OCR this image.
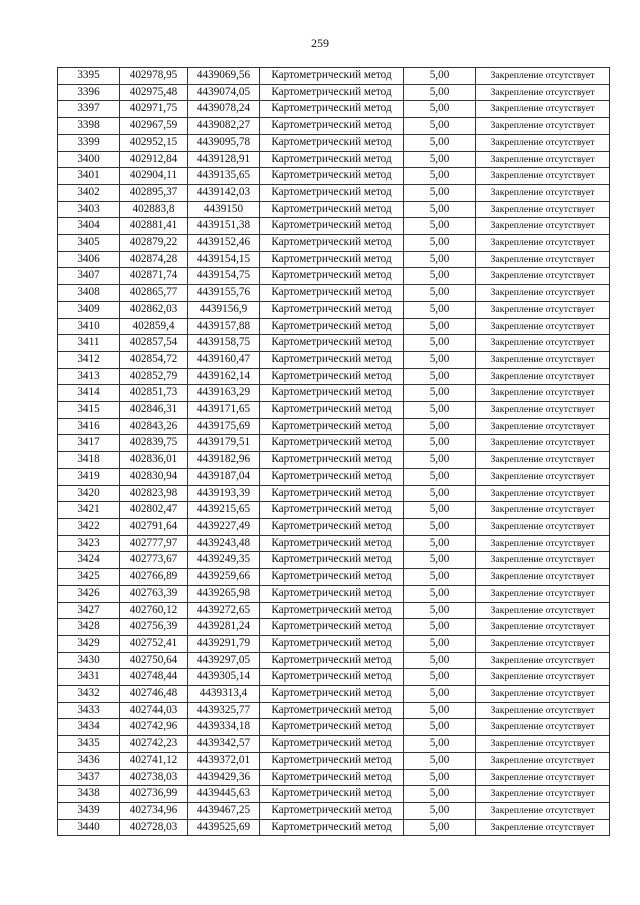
259
3395	402978,95	4439069,56	Картометрический метод	5,00	Закрепление отсутствует
3396	402975,48	4439074,05	Картометрический метод	5,00	Закрепление отсутствует
3397	402971,75	4439078,24	Картометрический метод	5,00	Закрепление отсутствует
3398	402967,59	4439082,27	Картометрический метод	5,00	Закрепление отсутствует
3399	402952,15	4439095,78	Картометрический метод	5,00	Закрепление отсутствует
3400	402912,84	4439128,91	Картометрический метод	5,00	Закрепление отсутствует
3401	402904,11	4439135,65	Картометрический метод	5,00	Закрепление отсутствует
3402	402895,37	4439142,03	Картометрический метод	5,00	Закрепление отсутствует
3403	402883,8	4439150	Картометрический метод	5,00	Закрепление отсутствует
3404	402881,41	4439151,38	Картометрический метод	5,00	Закрепление отсутствует
3405	402879,22	4439152,46	Картометрический метод	5,00	Закрепление отсутствует
3406	402874,28	4439154,15	Картометрический метод	5,00	Закрепление отсутствует
3407	402871,74	4439154,75	Картометрический метод	5,00	Закрепление отсутствует
3408	402865,77	4439155,76	Картометрический метод	5,00	Закрепление отсутствует
3409	402862,03	4439156,9	Картометрический метод	5,00	Закрепление отсутствует
3410	402859,4	4439157,88	Картометрический метод	5,00	Закрепление отсутствует
3411	402857,54	4439158,75	Картометрический метод	5,00	Закрепление отсутствует
3412	402854,72	4439160,47	Картометрический метод	5,00	Закрепление отсутствует
3413	402852,79	4439162,14	Картометрический метод	5,00	Закрепление отсутствует
3414	402851,73	4439163,29	Картометрический метод	5,00	Закрепление отсутствует
3415	402846,31	4439171,65	Картометрический метод	5,00	Закрепление отсутствует
3416	402843,26	4439175,69	Картометрический метод	5,00	Закрепление отсутствует
3417	402839,75	4439179,51	Картометрический метод	5,00	Закрепление отсутствует
3418	402836,01	4439182,96	Картометрический метод	5,00	Закрепление отсутствует
3419	402830,94	4439187,04	Картометрический метод	5,00	Закрепление отсутствует
3420	402823,98	4439193,39	Картометрический метод	5,00	Закрепление отсутствует
3421	402802,47	4439215,65	Картометрический метод	5,00	Закрепление отсутствует
3422	402791,64	4439227,49	Картометрический метод	5,00	Закрепление отсутствует
3423	402777,97	4439243,48	Картометрический метод	5,00	Закрепление отсутствует
3424	402773,67	4439249,35	Картометрический метод	5,00	Закрепление отсутствует
3425	402766,89	4439259,66	Картометрический метод	5,00	Закрепление отсутствует
3426	402763,39	4439265,98	Картометрический метод	5,00	Закрепление отсутствует
3427	402760,12	4439272,65	Картометрический метод	5,00	Закрепление отсутствует
3428	402756,39	4439281,24	Картометрический метод	5,00	Закрепление отсутствует
3429	402752,41	4439291,79	Картометрический метод	5,00	Закрепление отсутствует
3430	402750,64	4439297,05	Картометрический метод	5,00	Закрепление отсутствует
3431	402748,44	4439305,14	Картометрический метод	5,00	Закрепление отсутствует
3432	402746,48	4439313,4	Картометрический метод	5,00	Закрепление отсутствует
3433	402744,03	4439325,77	Картометрический метод	5,00	Закрепление отсутствует
3434	402742,96	4439334,18	Картометрический метод	5,00	Закрепление отсутствует
3435	402742,23	4439342,57	Картометрический метод	5,00	Закрепление отсутствует
3436	402741,12	4439372,01	Картометрический метод	5,00	Закрепление отсутствует
3437	402738,03	4439429,36	Картометрический метод	5,00	Закрепление отсутствует
3438	402736,99	4439445,63	Картометрический метод	5,00	Закрепление отсутствует
3439	402734,96	4439467,25	Картометрический метод	5,00	Закрепление отсутствует
3440	402728,03	4439525,69	Картометрический метод	5,00	Закрепление отсутствует
